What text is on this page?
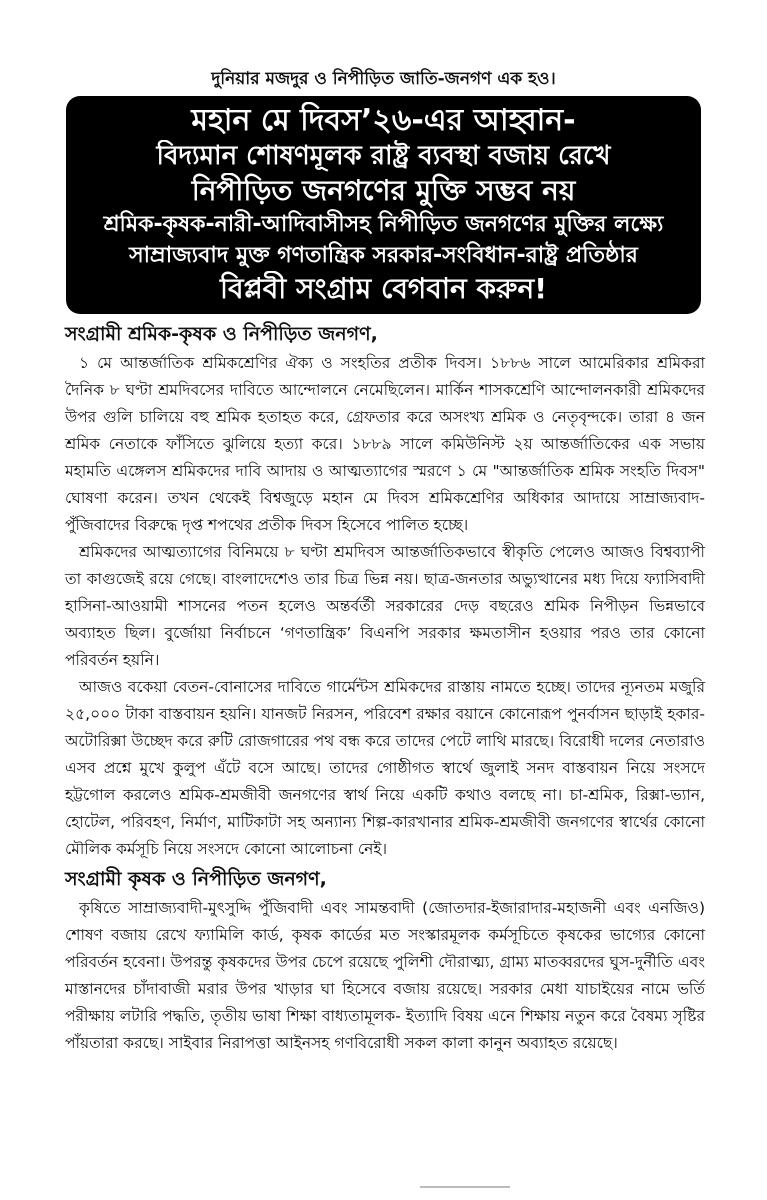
দুনিয়ার মজদুর ও নিপীড়িত জাতি-জনগণ এক হও।
মহান মে দিবস’২৬-এর আহ্বান-
বিদ্যমান শোষণমূলক রাষ্ট্র ব্যবস্থা বজায় রেখে
নিপীড়িত জনগণের মুক্তি সম্ভব নয়
শ্রমিক-কৃষক-নারী-আদিবাসীসহ নিপীড়িত জনগণের মুক্তির লক্ষ্যে
সাম্রাজ্যবাদ মুক্ত গণতান্ত্রিক সরকার-সংবিধান-রাষ্ট্র প্রতিষ্ঠার
বিপ্লবী সংগ্রাম বেগবান করুন!
সংগ্রামী শ্রমিক-কৃষক ও নিপীড়িত জনগণ,

১ মে আন্তর্জাতিক শ্রমিকশ্রেণির ঐক্য ও সংহতির প্রতীক দিবস। ১৮৮৬ সালে আমেরিকার শ্রমিকরা দৈনিক ৮ ঘণ্টা শ্রমদিবসের দাবিতে আন্দোলনে নেমেছিলেন। মার্কিন শাসকশ্রেণি আন্দোলনকারী শ্রমিকদের উপর গুলি চালিয়ে বহু শ্রমিক হতাহত করে, গ্রেফতার করে অসংখ্য শ্রমিক ও নেতৃবৃন্দকে। তারা ৪ জন শ্রমিক নেতাকে ফাঁসিতে ঝুলিয়ে হত্যা করে। ১৮৮৯ সালে কমিউনিস্ট ২য় আন্তর্জাতিকের এক সভায় মহামতি এঙ্গেলস শ্রমিকদের দাবি আদায় ও আত্মত্যাগের স্মরণে ১ মে "আন্তর্জাতিক শ্রমিক সংহতি দিবস" ঘোষণা করেন। তখন থেকেই বিশ্বজুড়ে মহান মে দিবস শ্রমিকশ্রেণির অধিকার আদায়ে সাম্রাজ্যবাদ-পুঁজিবাদের বিরুদ্ধে দৃপ্ত শপথের প্রতীক দিবস হিসেবে পালিত হচ্ছে।

শ্রমিকদের আত্মত্যাগের বিনিময়ে ৮ ঘণ্টা শ্রমদিবস আন্তর্জাতিকভাবে স্বীকৃতি পেলেও আজও বিশ্বব্যাপী তা কাগুজেই রয়ে গেছে। বাংলাদেশেও তার চিত্র ভিন্ন নয়। ছাত্র-জনতার অভ্যুত্থানের মধ্য দিয়ে ফ্যাসিবাদী হাসিনা-আওয়ামী শাসনের পতন হলেও অন্তর্বর্তী সরকারের দেড় বছরেও শ্রমিক নিপীড়ন ভিন্নভাবে অব্যাহত ছিল। বুর্জোয়া নির্বাচনে ‘গণতান্ত্রিক’ বিএনপি সরকার ক্ষমতাসীন হওয়ার পরও তার কোনো পরিবর্তন হয়নি।

আজও বকেয়া বেতন-বোনাসের দাবিতে গার্মেন্টস শ্রমিকদের রাস্তায় নামতে হচ্ছে। তাদের ন্যূনতম মজুরি ২৫,০০০ টাকা বাস্তবায়ন হয়নি। যানজট নিরসন, পরিবেশ রক্ষার বয়ানে কোনোরূপ পুনর্বাসন ছাড়াই হকার-অটোরিক্সা উচ্ছেদ করে রুটি রোজগারের পথ বন্ধ করে তাদের পেটে লাথি মারছে। বিরোধী দলের নেতারাও এসব প্রশ্নে মুখে কুলুপ এঁটে বসে আছে। তাদের গোষ্ঠীগত স্বার্থে জুলাই সনদ বাস্তবায়ন নিয়ে সংসদে হট্টগোল করলেও শ্রমিক-শ্রমজীবী জনগণের স্বার্থ নিয়ে একটি কথাও বলছে না। চা-শ্রমিক, রিক্সা-ভ্যান, হোটেল, পরিবহণ, নির্মাণ, মাটিকাটা সহ অন্যান্য শিল্প-কারখানার শ্রমিক-শ্রমজীবী জনগণের স্বার্থের কোনো মৌলিক কর্মসূচি নিয়ে সংসদে কোনো আলোচনা নেই।

সংগ্রামী কৃষক ও নিপীড়িত জনগণ,

কৃষিতে সাম্রাজ্যবাদী-মুৎসুদ্দি পুঁজিবাদী এবং সামন্তবাদী (জোতদার-ইজারাদার-মহাজনী এবং এনজিও) শোষণ বজায় রেখে ফ্যামিলি কার্ড, কৃষক কার্ডের মত সংস্কারমূলক কর্মসূচিতে কৃষকের ভাগ্যের কোনো পরিবর্তন হবেনা। উপরন্তু কৃষকদের উপর চেপে রয়েছে পুলিশী দৌরাত্ম্য, গ্রাম্য মাতব্বরদের ঘুস-দুর্নীতি এবং মাস্তানদের চাঁদাবাজী মরার উপর খাড়ার ঘা হিসেবে বজায় রয়েছে। সরকার মেধা যাচাইয়ের নামে ভর্তি পরীক্ষায় লটারি পদ্ধতি, তৃতীয় ভাষা শিক্ষা বাধ্যতামূলক- ইত্যাদি বিষয় এনে শিক্ষায় নতুন করে বৈষম্য সৃষ্টির পাঁয়তারা করছে। সাইবার নিরাপত্তা আইনসহ গণবিরোধী সকল কালা কানুন অব্যাহত রয়েছে।
